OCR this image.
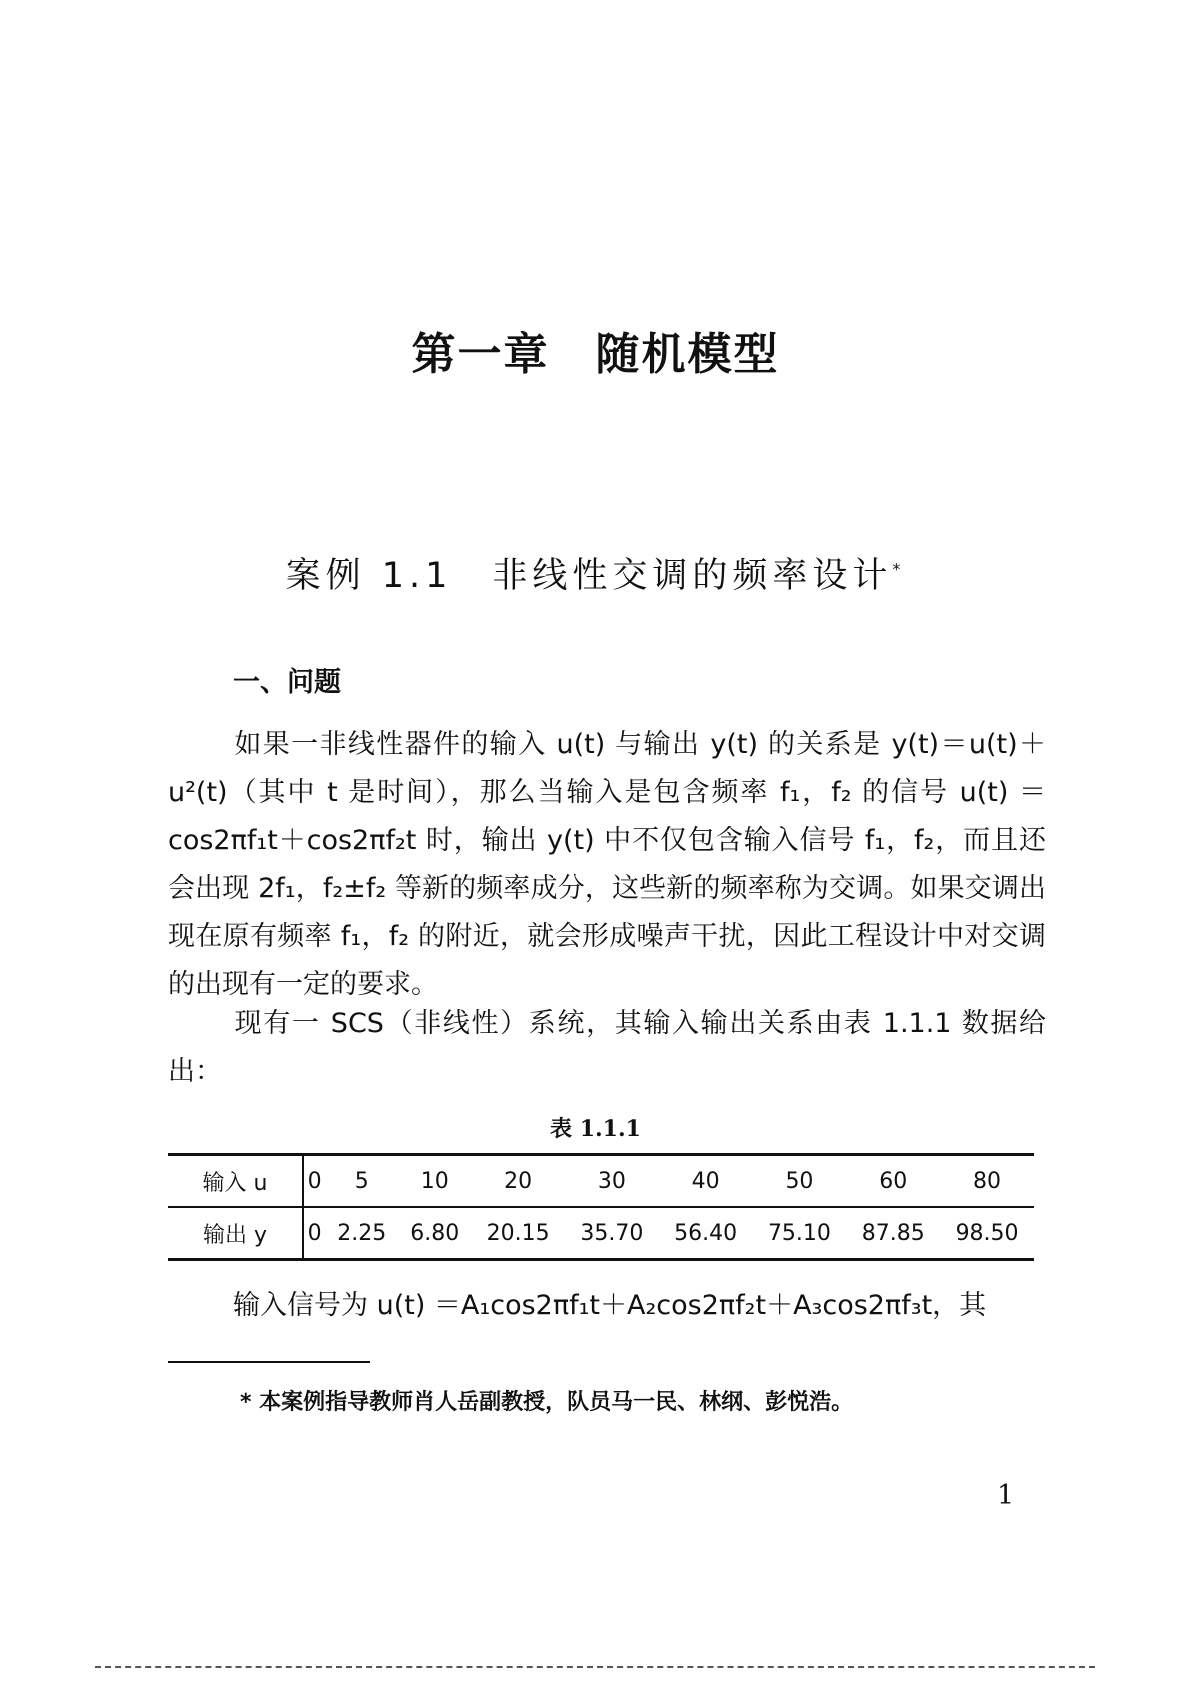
第一章　随机模型
案例 1.1　非线性交调的频率设计*
一、问题
如果一非线性器件的输入 u(t) 与输出 y(t) 的关系是 y(t)＝u(t)＋u²(t)（其中 t 是时间），那么当输入是包含频率 f₁，f₂ 的信号 u(t) ＝cos2πf₁t＋cos2πf₂t 时，输出 y(t) 中不仅包含输入信号 f₁，f₂，而且还会出现 2f₁，f₂±f₂ 等新的频率成分，这些新的频率称为交调。如果交调出现在原有频率 f₁，f₂ 的附近，就会形成噪声干扰，因此工程设计中对交调的出现有一定的要求。
现有一 SCS（非线性）系统，其输入输出关系由表 1.1.1 数据给出：
表 1.1.1
输入 u	0	5	10	20	30	40	50	60	80
输出 y	0	2.25	6.80	20.15	35.70	56.40	75.10	87.85	98.50
输入信号为 u(t) ＝A₁cos2πf₁t＋A₂cos2πf₂t＋A₃cos2πf₃t，其
* 本案例指导教师肖人岳副教授，队员马一民、林纲、彭悦浩。
1
